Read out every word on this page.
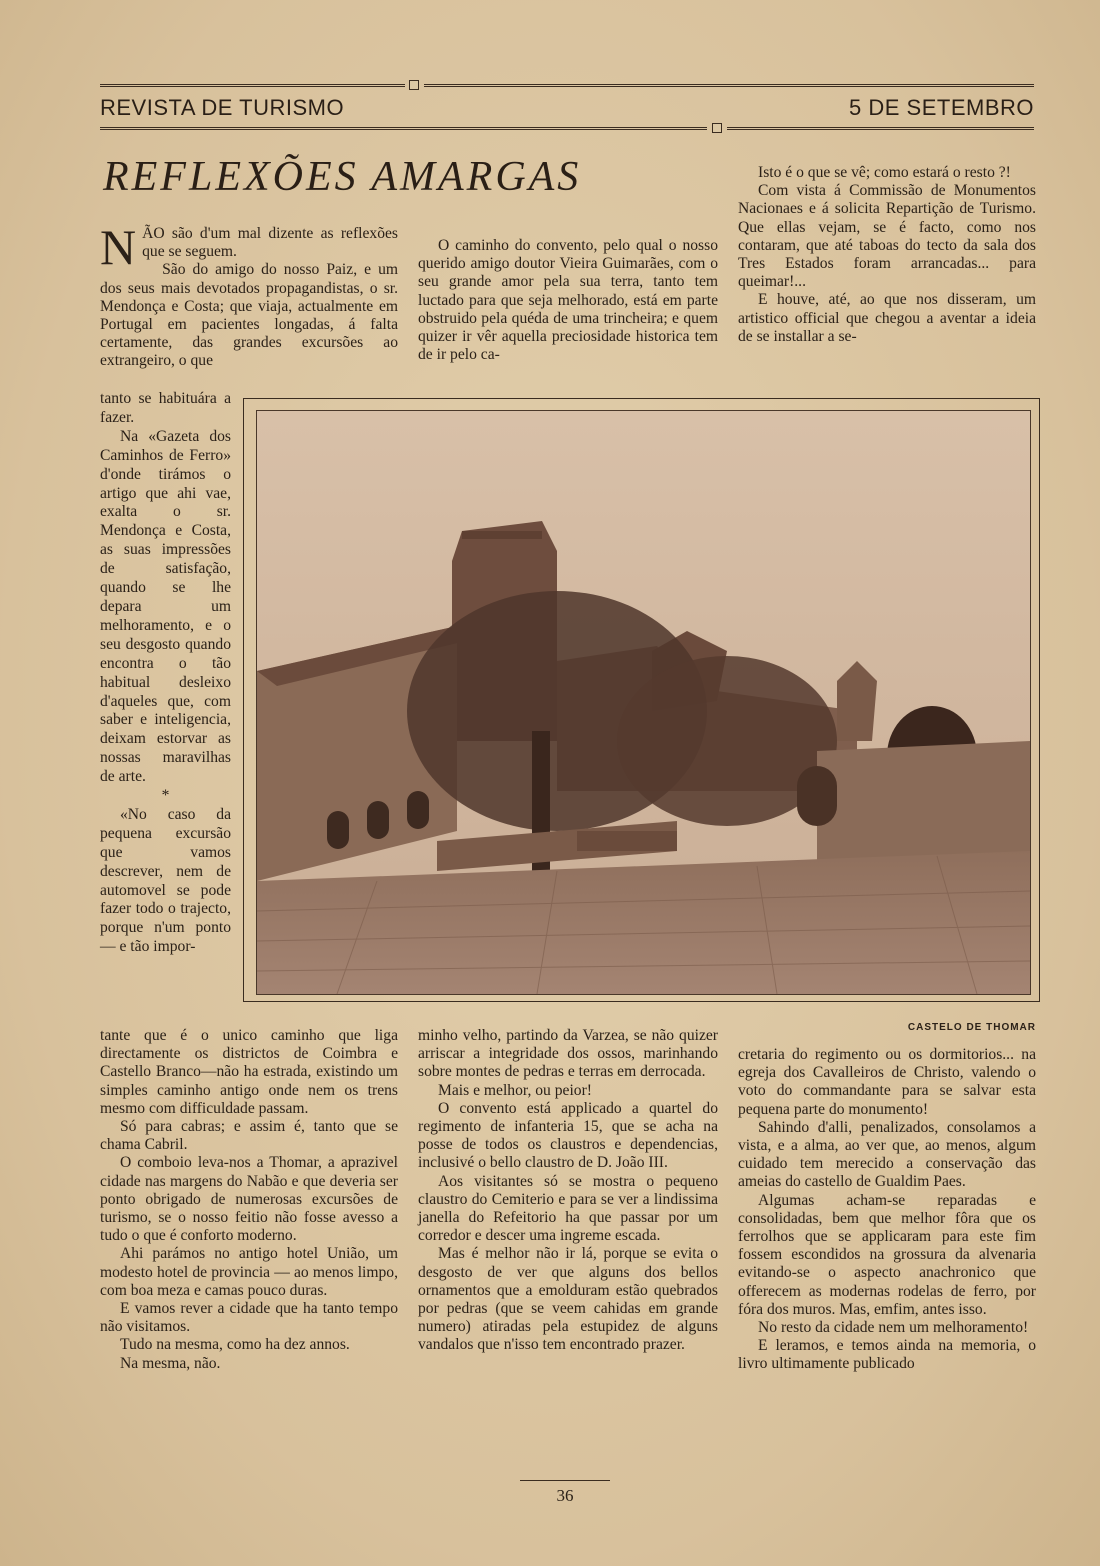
REVISTA DE TURISMO	5 DE SETEMBRO
REFLEXÕES AMARGAS

NÃO são d'um mal dizente as reflexões que se seguem.

São do amigo do nosso Paiz, e um dos seus mais devotados propagandistas, o sr. Mendonça e Costa; que viaja, actualmente em Portugal em pacientes longadas, á falta certamente, das grandes excursões ao extrangeiro, o que

tanto se habituára a fazer.

Na «Gazeta dos Caminhos de Ferro» d'onde tirámos o artigo que ahi vae, exalta o sr. Mendonça e Costa, as suas impressões de satisfação, quando se lhe depara um melhoramento, e o seu desgosto quando encontra o tão habitual desleixo d'aqueles que, com saber e inteligencia, deixam estorvar as nossas maravilhas de arte.

*

«No caso da pequena excursão que vamos descrever, nem de automovel se pode fazer todo o trajecto, porque n'um ponto — e tão impor-

tante que é o unico caminho que liga directamente os districtos de Coimbra e Castello Branco—não ha estrada, existindo um simples caminho antigo onde nem os trens mesmo com difficuldade passam.

Só para cabras; e assim é, tanto que se chama Cabril.

O comboio leva-nos a Thomar, a aprazivel cidade nas margens do Nabão e que deveria ser ponto obrigado de numerosas excursões de turismo, se o nosso feitio não fosse avesso a tudo o que é conforto moderno.

Ahi parámos no antigo hotel União, um modesto hotel de provincia — ao menos limpo, com boa meza e camas pouco duras.

E vamos rever a cidade que ha tanto tempo não visitamos.

Tudo na mesma, como ha dez annos.

Na mesma, não.

O caminho do convento, pelo qual o nosso querido amigo doutor Vieira Guimarães, com o seu grande amor pela sua terra, tanto tem luctado para que seja melhorado, está em parte obstruido pela quéda de uma trincheira; e quem quizer ir vêr aquella preciosidade historica tem de ir pelo ca-

minho velho, partindo da Varzea, se não quizer arriscar a integridade dos ossos, marinhando sobre montes de pedras e terras em derrocada.

Mais e melhor, ou peior!

O convento está applicado a quartel do regimento de infanteria 15, que se acha na posse de todos os claustros e dependencias, inclusivé o bello claustro de D. João III.

Aos visitantes só se mostra o pequeno claustro do Cemiterio e para se ver a lindissima janella do Refeitorio ha que passar por um corredor e descer uma ingreme escada.

Mas é melhor não ir lá, porque se evita o desgosto de ver que alguns dos bellos ornamentos que a emolduram estão quebrados por pedras (que se veem cahidas em grande numero) atiradas pela estupidez de alguns vandalos que n'isso tem encontrado prazer.

Isto é o que se vê; como estará o resto ?!

Com vista á Commissão de Monumentos Nacionaes e á solicita Repartição de Turismo. Que ellas vejam, se é facto, como nos contaram, que até taboas do tecto da sala dos Tres Estados foram arrancadas... para queimar!...

E houve, até, ao que nos disseram, um artistico official que chegou a aventar a ideia de se installar a se-

cretaria do regimento ou os dormitorios... na egreja dos Cavalleiros de Christo, valendo o voto do commandante para se salvar esta pequena parte do monumento!

Sahindo d'alli, penalizados, consolamos a vista, e a alma, ao ver que, ao menos, algum cuidado tem merecido a conservação das ameias do castello de Gualdim Paes.

Algumas acham-se reparadas e consolidadas, bem que melhor fôra que os ferrolhos que se applicaram para este fim fossem escondidos na grossura da alvenaria evitando-se o aspecto anachronico que offerecem as modernas rodelas de ferro, por fóra dos muros. Mas, emfim, antes isso.

No resto da cidade nem um melhoramento!

E leramos, e temos ainda na memoria, o livro ultimamente publicado

CASTELO DE THOMAR
36
